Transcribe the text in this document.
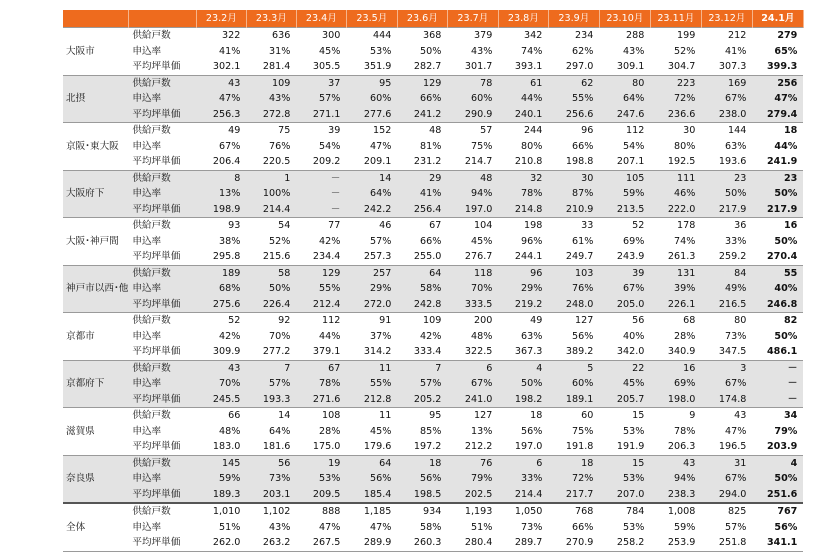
		23.2月	23.3月	23.4月	23.5月	23.6月	23.7月	23.8月	23.9月	23.10月	23.11月	23.12月	24.1月
大阪市	供給戸数	322	636	300	444	368	379	342	234	288	199	212	279
	申込率	41%	31%	45%	53%	50%	43%	74%	62%	43%	52%	41%	65%
	平均坪単価	302.1	281.4	305.5	351.9	282.7	301.7	393.1	297.0	309.1	304.7	307.3	399.3
北摂	供給戸数	43	109	37	95	129	78	61	62	80	223	169	256
	申込率	47%	43%	57%	60%	66%	60%	44%	55%	64%	72%	67%	47%
	平均坪単価	256.3	272.8	271.1	277.6	241.2	290.9	240.1	256.6	247.6	236.6	238.0	279.4
京阪･東大阪	供給戸数	49	75	39	152	48	57	244	96	112	30	144	18
	申込率	67%	76%	54%	47%	81%	75%	80%	66%	54%	80%	63%	44%
	平均坪単価	206.4	220.5	209.2	209.1	231.2	214.7	210.8	198.8	207.1	192.5	193.6	241.9
大阪府下	供給戸数	8	1	－	14	29	48	32	30	105	111	23	23
	申込率	13%	100%	－	64%	41%	94%	78%	87%	59%	46%	50%	50%
	平均坪単価	198.9	214.4	－	242.2	256.4	197.0	214.8	210.9	213.5	222.0	217.9	217.9
大阪･神戸間	供給戸数	93	54	77	46	67	104	198	33	52	178	36	16
	申込率	38%	52%	42%	57%	66%	45%	96%	61%	69%	74%	33%	50%
	平均坪単価	295.8	215.6	234.4	257.3	255.0	276.7	244.1	249.7	243.9	261.3	259.2	270.4
神戸市以西･他	供給戸数	189	58	129	257	64	118	96	103	39	131	84	55
	申込率	68%	50%	55%	29%	58%	70%	29%	76%	67%	39%	49%	40%
	平均坪単価	275.6	226.4	212.4	272.0	242.8	333.5	219.2	248.0	205.0	226.1	216.5	246.8
京都市	供給戸数	52	92	112	91	109	200	49	127	56	68	80	82
	申込率	42%	70%	44%	37%	42%	48%	63%	56%	40%	28%	73%	50%
	平均坪単価	309.9	277.2	379.1	314.2	333.4	322.5	367.3	389.2	342.0	340.9	347.5	486.1
京都府下	供給戸数	43	7	67	11	7	6	4	5	22	16	3	－
	申込率	70%	57%	78%	55%	57%	67%	50%	60%	45%	69%	67%	－
	平均坪単価	245.5	193.3	271.6	212.8	205.2	241.0	198.2	189.1	205.7	198.0	174.8	－
滋賀県	供給戸数	66	14	108	11	95	127	18	60	15	9	43	34
	申込率	48%	64%	28%	45%	85%	13%	56%	75%	53%	78%	47%	79%
	平均坪単価	183.0	181.6	175.0	179.6	197.2	212.2	197.0	191.8	191.9	206.3	196.5	203.9
奈良県	供給戸数	145	56	19	64	18	76	6	18	15	43	31	4
	申込率	59%	73%	53%	56%	56%	79%	33%	72%	53%	94%	67%	50%
	平均坪単価	189.3	203.1	209.5	185.4	198.5	202.5	214.4	217.7	207.0	238.3	294.0	251.6
全体	供給戸数	1,010	1,102	888	1,185	934	1,193	1,050	768	784	1,008	825	767
	申込率	51%	43%	47%	47%	58%	51%	73%	66%	53%	59%	57%	56%
	平均坪単価	262.0	263.2	267.5	289.9	260.3	280.4	289.7	270.9	258.2	253.9	251.8	341.1
